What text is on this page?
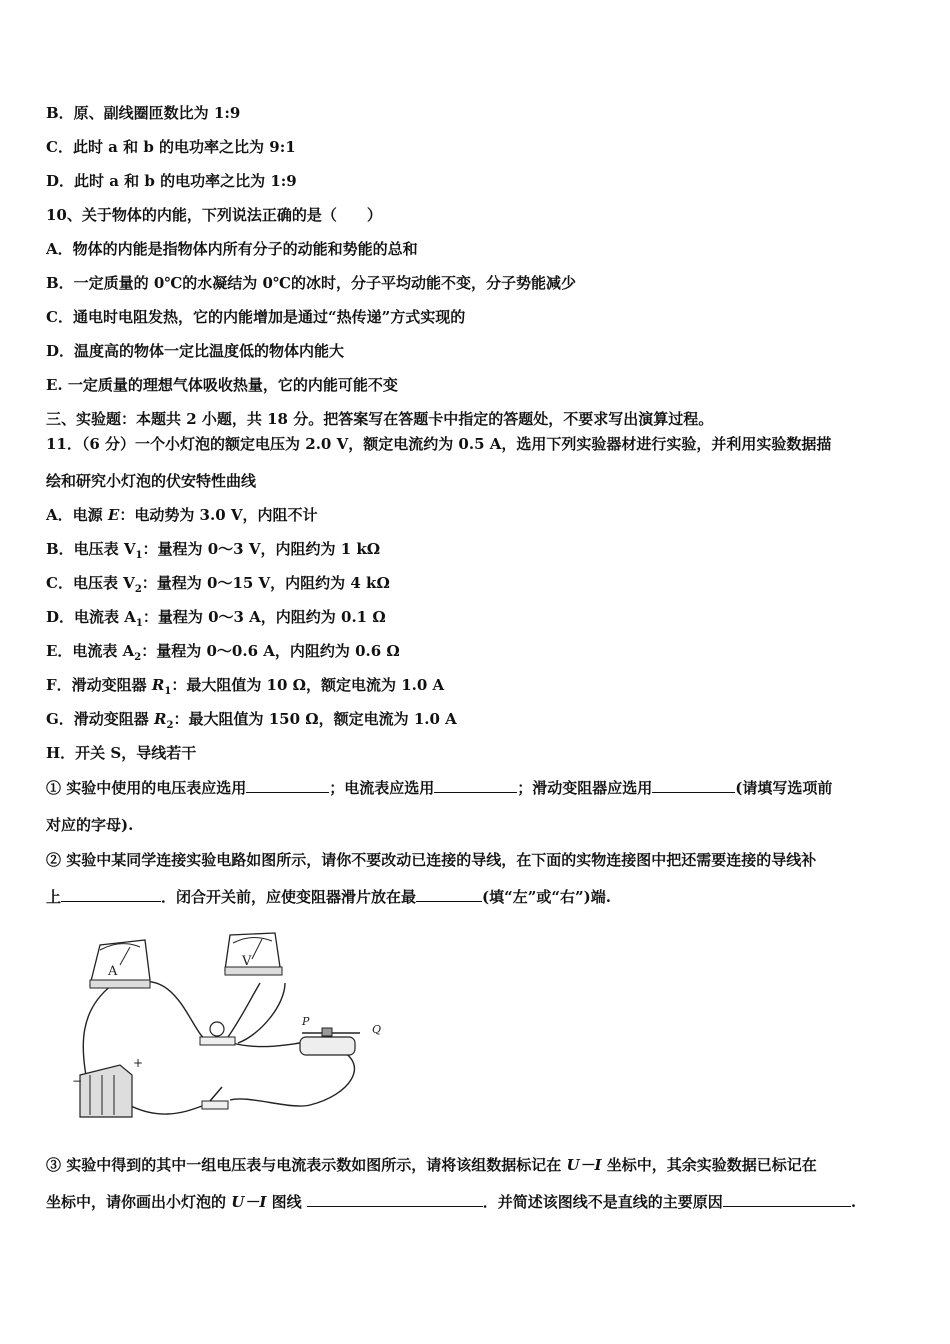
B．原、副线圈匝数比为 1:9
C．此时 a 和 b 的电功率之比为 9:1
D．此时 a 和 b 的电功率之比为 1:9
10、关于物体的内能，下列说法正确的是（　　）
A．物体的内能是指物体内所有分子的动能和势能的总和
B．一定质量的 0℃的水凝结为 0℃的冰时，分子平均动能不变，分子势能减少
C．通电时电阻发热，它的内能增加是通过“热传递”方式实现的
D．温度高的物体一定比温度低的物体内能大
E. 一定质量的理想气体吸收热量，它的内能可能不变
三、实验题：本题共 2 小题，共 18 分。把答案写在答题卡中指定的答题处，不要求写出演算过程。
11．（6 分）一个小灯泡的额定电压为 2.0 V，额定电流约为 0.5 A，选用下列实验器材进行实验，并利用实验数据描
绘和研究小灯泡的伏安特性曲线
A．电源 E：电动势为 3.0 V，内阻不计
B．电压表 $V_1$：量程为 0～3 V，内阻约为 1 kΩ
C．电压表 $V_2$：量程为 0～15 V，内阻约为 4 kΩ
D．电流表 $A_1$：量程为 0～3 A，内阻约为 0.1 Ω
E．电流表 $A_2$：量程为 0～0.6 A，内阻约为 0.6 Ω
F．滑动变阻器 $R_1$：最大阻值为 10 Ω，额定电流为 1.0 A
G．滑动变阻器 $R_2$：最大阻值为 150 Ω，额定电流为 1.0 A
H．开关 S，导线若干
① 实验中使用的电压表应选用	；电流表应选用	；滑动变阻器应选用	(请填写选项前
对应的字母).
② 实验中某同学连接实验电路如图所示，请你不要改动已连接的导线，在下面的实物连接图中把还需要连接的导线补
上	．闭合开关前，应使变阻器滑片放在最	(填“左”或“右”)端.
A
V
P
Q
+
−
③ 实验中得到的其中一组电压表与电流表示数如图所示，请将该组数据标记在 U－I 坐标中，其余实验数据已标记在
坐标中，请你画出小灯泡的 U－I 图线	．并简述该图线不是直线的主要原因	.
